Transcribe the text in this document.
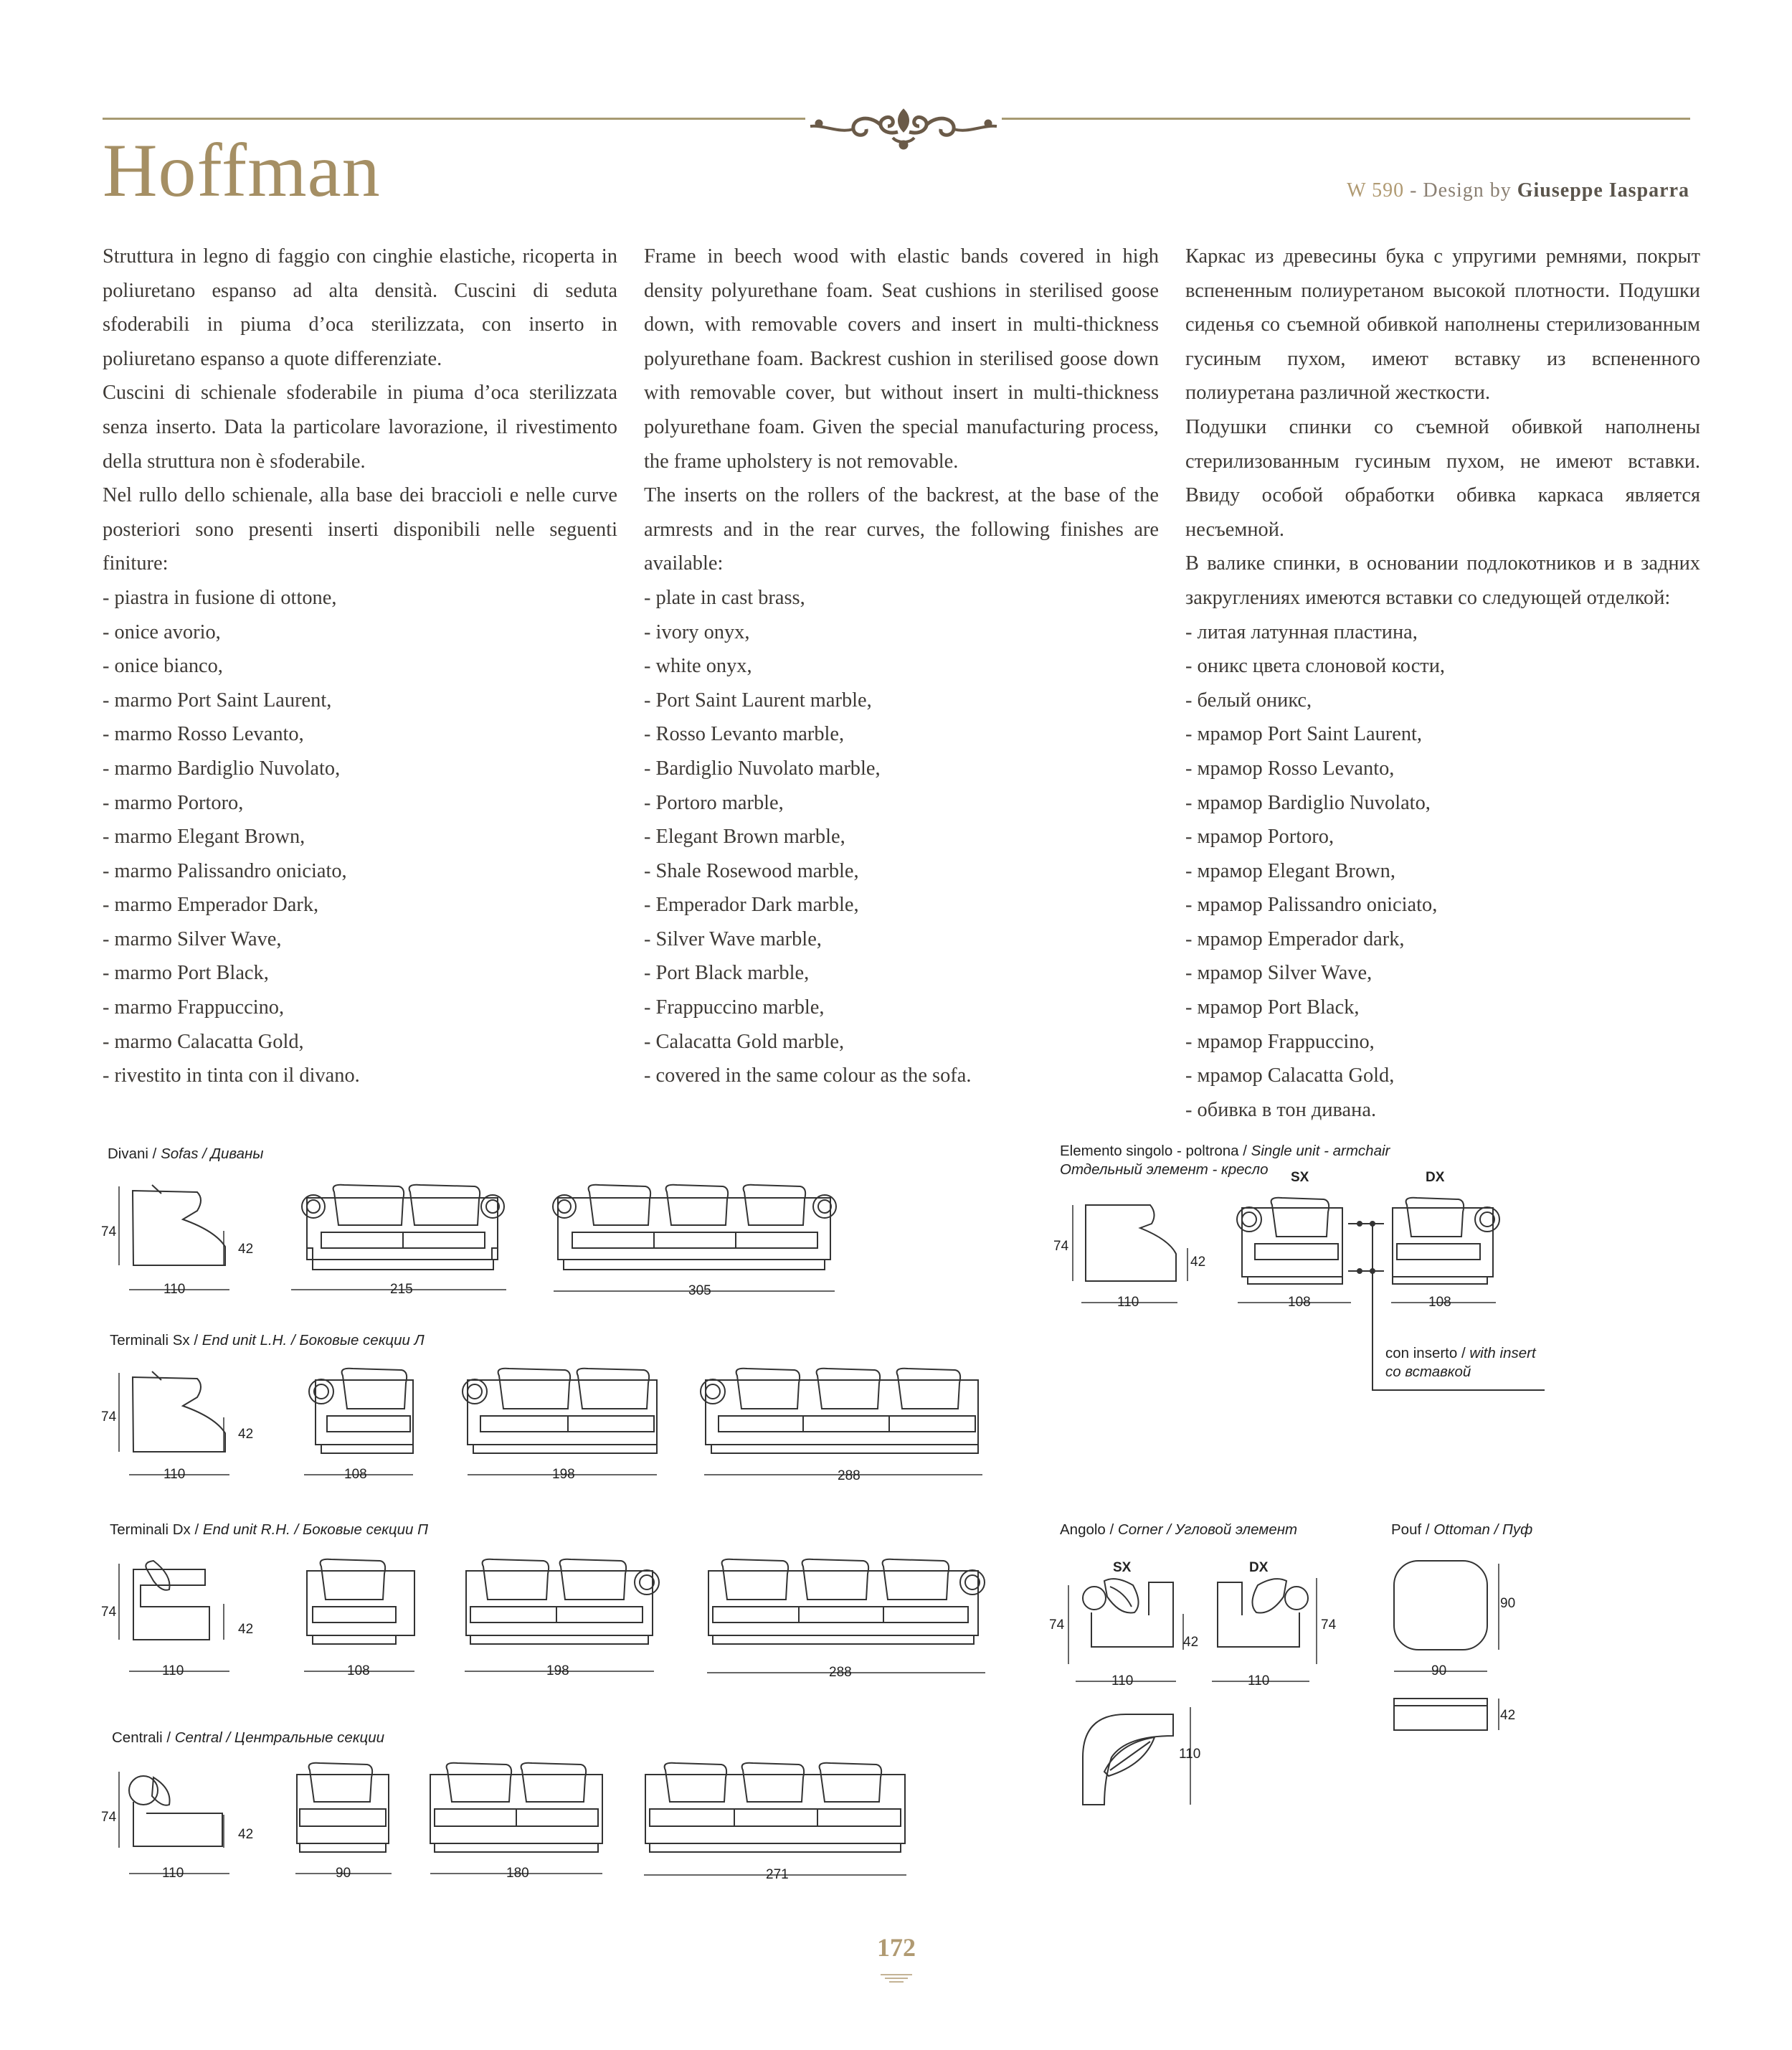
Hoffman	W 590 - Design by Giuseppe Iasparra

Struttura in legno di faggio con cinghie elastiche, ricoperta in poliuretano espanso ad alta densità. Cuscini di seduta sfoderabili in piuma d’oca sterilizzata, con inserto in poliuretano espanso a quote differenziate.

Cuscini di schienale sfoderabile in piuma d’oca sterilizzata senza inserto. Data la particolare lavorazione, il rivestimento della struttura non è sfoderabile.

Nel rullo dello schienale, alla base dei braccioli e nelle curve posteriori sono presenti inserti disponibili nelle seguenti finiture:

- piastra in fusione di ottone,
- onice avorio,
- onice bianco,
- marmo Port Saint Laurent,
- marmo Rosso Levanto,
- marmo Bardiglio Nuvolato,
- marmo Portoro,
- marmo Elegant Brown,
- marmo Palissandro oniciato,
- marmo Emperador Dark,
- marmo Silver Wave,
- marmo Port Black,
- marmo Frappuccino,
- marmo Calacatta Gold,
- rivestito in tinta con il divano.

Frame in beech wood with elastic bands covered in high density polyurethane foam. Seat cushions in sterilised goose down, with removable covers and insert in multi-thickness polyurethane foam. Backrest cushion in sterilised goose down with removable cover, but without insert in multi-thickness polyurethane foam. Given the special manufacturing process, the frame upholstery is not removable.

The inserts on the rollers of the backrest, at the base of the armrests and in the rear curves, the following finishes are available:

- plate in cast brass,
- ivory onyx,
- white onyx,
- Port Saint Laurent marble,
- Rosso Levanto marble,
- Bardiglio Nuvolato marble,
- Portoro marble,
- Elegant Brown marble,
- Shale Rosewood marble,
- Emperador Dark marble,
- Silver Wave marble,
- Port Black marble,
- Frappuccino marble,
- Calacatta Gold marble,
- covered in the same colour as the sofa.

Каркас из древесины бука с упругими ремнями, покрыт вспененным полиуретаном высокой плотности. Подушки сиденья со съемной обивкой наполнены стерилизованным гусиным пухом, имеют вставку из вспененного полиуретана различной жесткости.

Подушки спинки со съемной обивкой наполнены стерилизованным гусиным пухом, не имеют вставки. Ввиду особой обработки обивка каркаса является несъемной.

В валике спинки, в основании подлокотников и в задних закруглениях имеются вставки со следующей отделкой:

- литая латунная пластина,
- оникс цвета слоновой кости,
- белый оникс,
- мрамор Port Saint Laurent,
- мрамор Rosso Levanto,
- мрамор Bardiglio Nuvolato,
- мрамор Portoro,
- мрамор Elegant Brown,
- мрамор Palissandro oniciato,
- мрамор Emperador dark,
- мрамор Silver Wave,
- мрамор Port Black,
- мрамор Frappuccino,
- мрамор Calacatta Gold,
- обивка в тон дивана.
Divani / Sofas / Диваны
Terminali Sx / End unit L.H. / Боковые секции Л
Terminali Dx / End unit R.H. / Боковые секции П
Centrali / Central / Центральные секции
Elemento singolo - poltrona / Single unit - armchair
Отдельный элемент - кресло
Angolo / Corner / Угловой элемент	Pouf / Ottoman / Пуф
con inserto / with insert
со вставкой
74
42
110	215	305
74
42
110	108	198	288
74
42
110	108	198	288
74
42
110	90	180	271
SX	DX
74
42
110	108	108
SX	DX
74
42
74
110	110
110
90
90
42
172
